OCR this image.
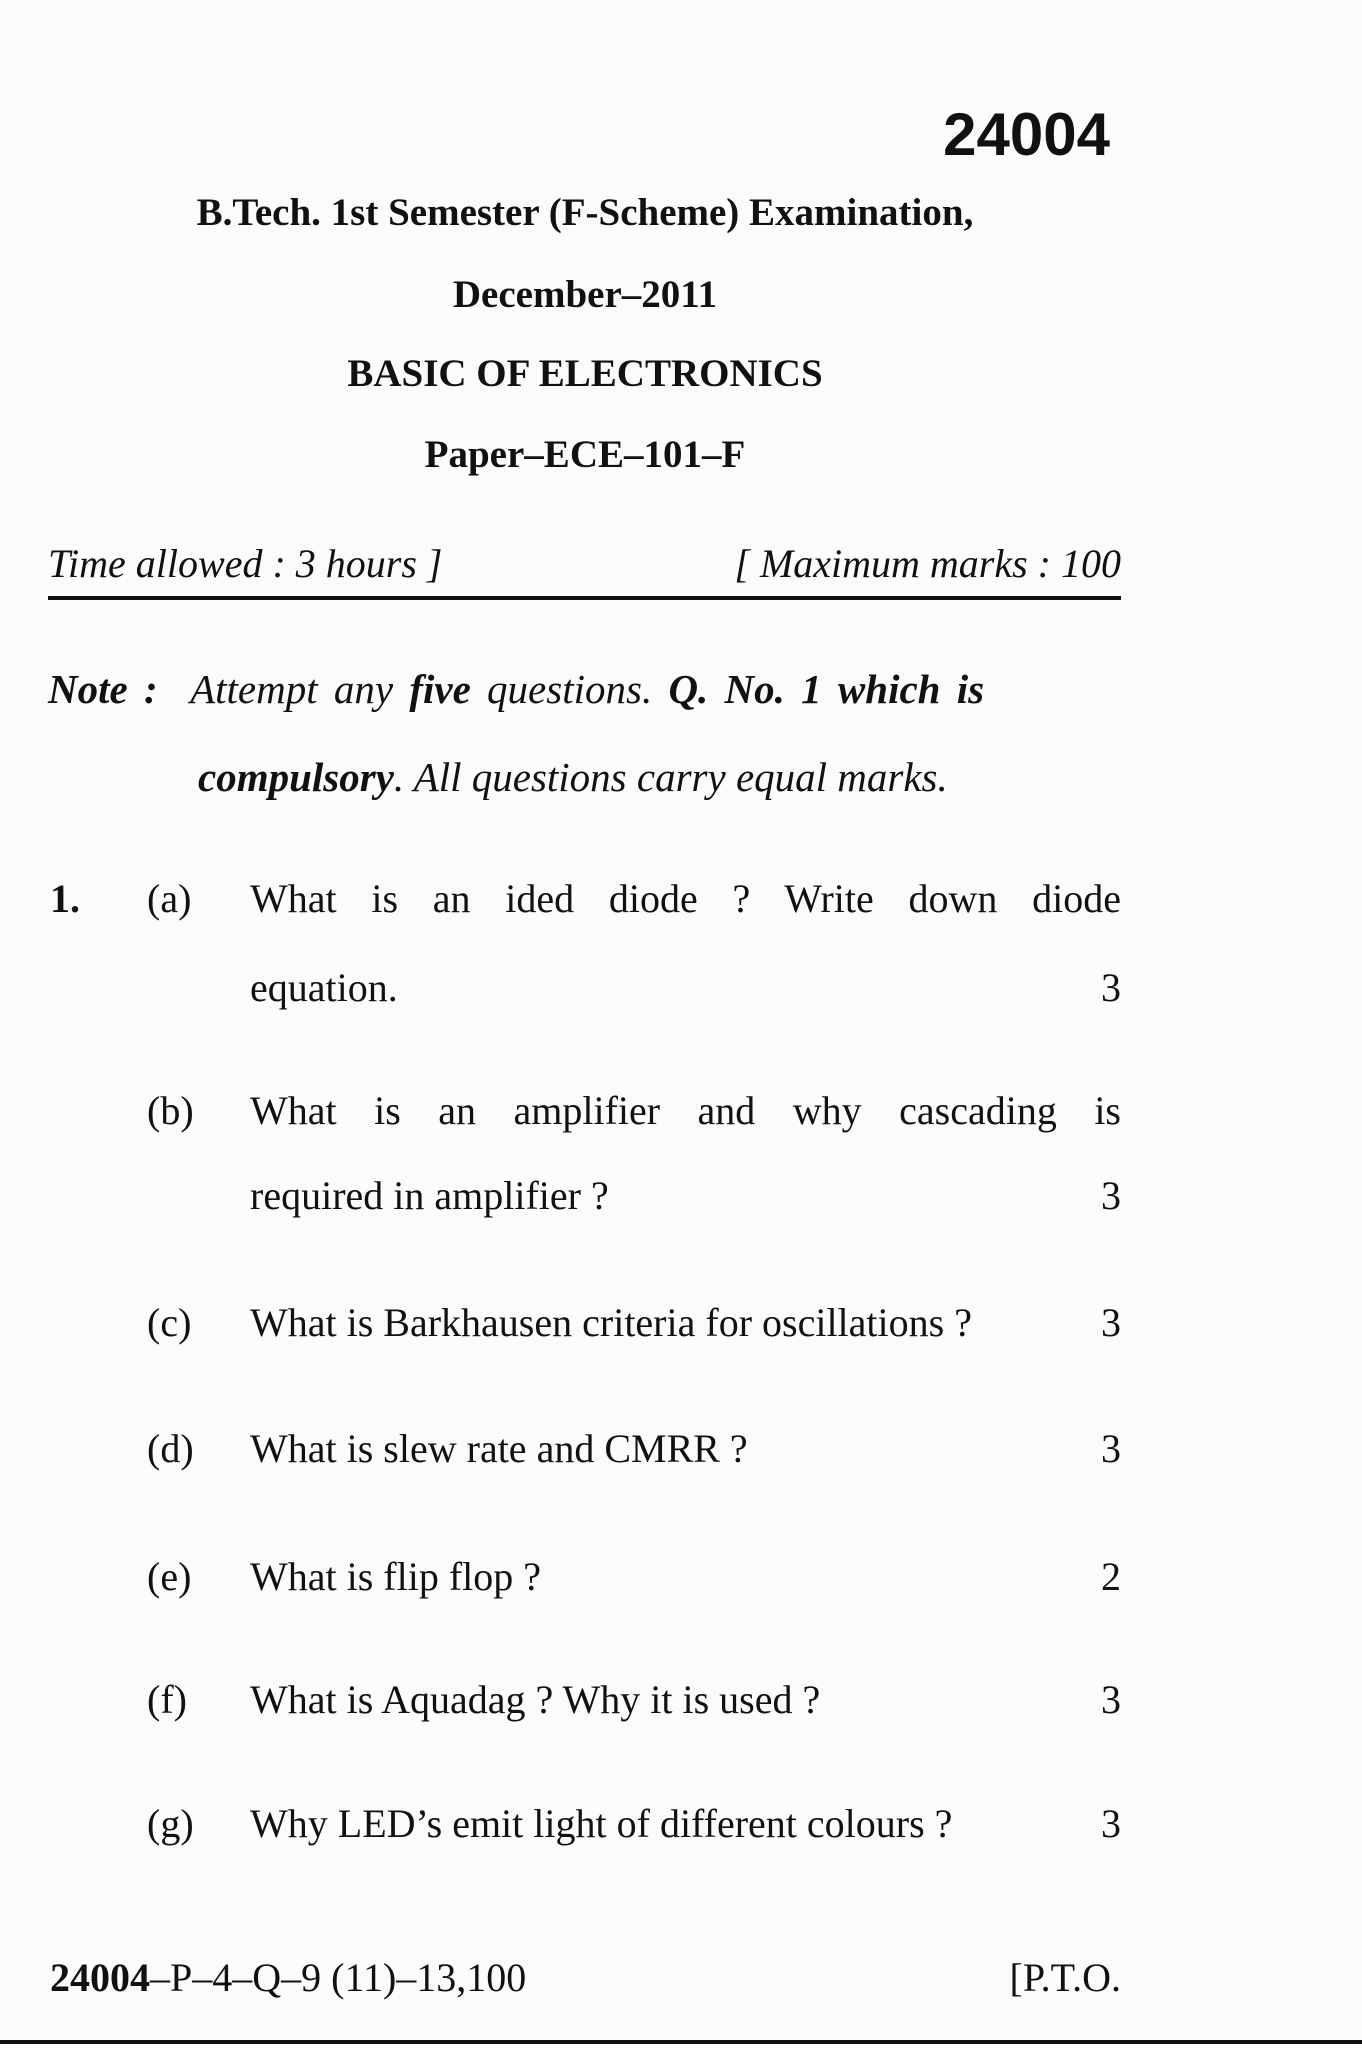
24004
B.Tech. 1st Semester (F-Scheme) Examination,
December–2011
BASIC OF ELECTRONICS
Paper–ECE–101–F
Time allowed : 3 hours ]	[ Maximum marks : 100
Note : Attempt any five questions. Q. No. 1 which is
compulsory. All questions carry equal marks.
1. (a) What is an ided diode ? Write down diode
equation.	3
(b) What is an amplifier and why cascading is
required in amplifier ?	3
(c) What is Barkhausen criteria for oscillations ?	3
(d) What is slew rate and CMRR ?	3
(e) What is flip flop ?	2
(f) What is Aquadag ? Why it is used ?	3
(g) Why LED’s emit light of different colours ?	3
24004–P–4–Q–9 (11)–13,100	[P.T.O.
